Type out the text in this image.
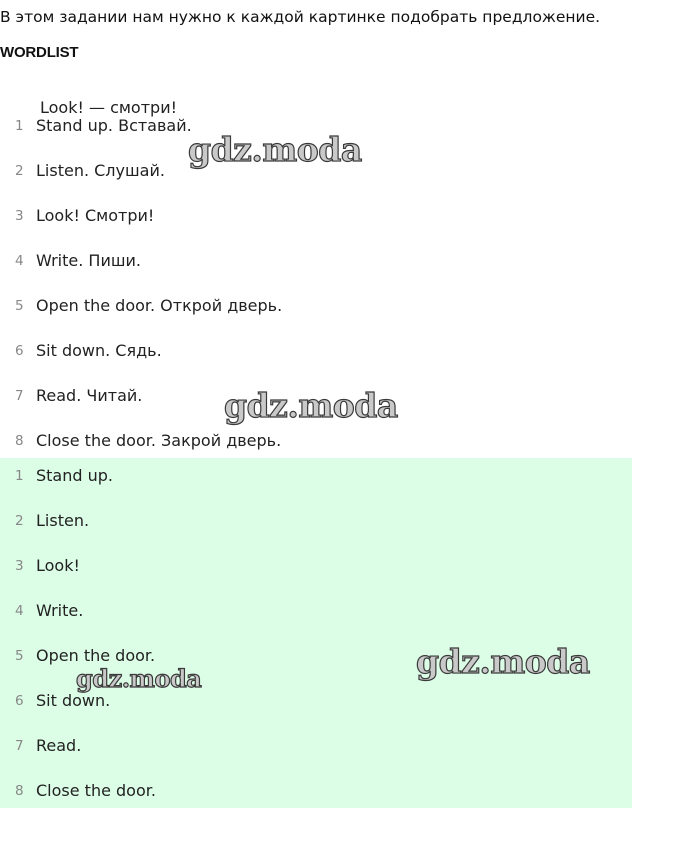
В этом задании нам нужно к каждой картинке подобрать предложение.
WORDLIST
Look! — смотри!
1 Stand up. Вставай.
2 Listen. Слушай.
3 Look! Смотри!
4 Write. Пиши.
5 Open the door. Открой дверь.
6 Sit down. Сядь.
7 Read. Читай.
8 Close the door. Закрой дверь.
1 Stand up.
2 Listen.
3 Look!
4 Write.
5 Open the door.
6 Sit down.
7 Read.
8 Close the door.
gdz.moda
gdz.moda
gdz.moda
gdz.moda
